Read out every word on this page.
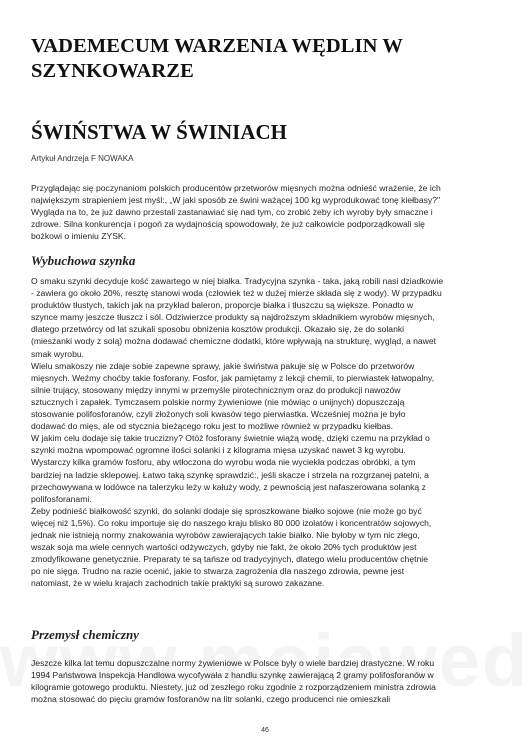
VADEMECUM WARZENIA WĘDLIN W
SZYNKOWARZE
ŚWIŃSTWA W ŚWINIACH
Artykuł Andrzeja F NOWAKA
Przyglądając się poczynaniom polskich producentów przetworów mięsnych można odnieść wrażenie, że ich
największym strapieniem jest myśl:, „W jaki sposób ze świni ważącej 100 kg wyprodukować tonę kiełbasy?"
Wygląda na to, że już dawno przestali zastanawiać się nad tym, co zrobić żeby ich wyroby były smaczne i
zdrowe. Silna konkurencja i pogoń za wydajnością spowodowały, że już całkowicie podporządkowali się
bożkowi o imieniu ZYSK.
Wybuchowa szynka
O smaku szynki decyduje kość zawartego w niej białka. Tradycyjna szynka - taka, jaką robili nasi dziadkowie
- zawiera go około 20%, resztę stanowi woda (człowiek też w dużej mierze składa się z wody). W przypadku
produktów tłustych, takich jak na przykład baleron, proporcje białka i tłuszczu są większe. Ponadto w
szynce mamy jeszcze tłuszcz i sól. Odziwierzce produkty są najdroższym składnikiem wyrobów mięsnych,
dlatego przetwórcy od lat szukali sposobu obniżenia kosztów produkcji. Okazało się, że do solanki
(mieszanki wody z solą) można dodawać chemiczne dodatki, które wpływają na strukturę, wygląd, a nawet
smak wyrobu.
Wielu smakoszy nie zdaje sobie zapewne sprawy, jakie świństwa pakuje się w Polsce do przetworów
mięsnych. Weźmy choćby takie fosforany. Fosfor, jak pamiętamy z lekcji chemii, to pierwiastek łatwopalny,
silnie trujący, stosowany między innymi w przemyśle pirotechnicznym oraz do produkcji nawozów
sztucznych i zapałek. Tymczasem polskie normy żywieniowe (nie mówiąc o unijnych) dopuszczają
stosowanie polifosforanów, czyli złożonych soli kwasów tego pierwiastka. Wcześniej można je było
dodawać do mięs, ale od stycznia bieżącego roku jest to możliwe również w przypadku kiełbas.
W jakim celu dodaje się takie truczizny? Otóż fosforany świetnie wiążą wodę, dzięki czemu na przykład o
szynki można wpompować ogromne ilości solanki i z kilograma mięsa uzyskać nawet 3 kg wyrobu.
Wystarczy kilka gramów fosforu, aby wtłoczona do wyrobu woda nie wyciekła podczas obróbki, a tym
bardziej na ladzie sklepowej. Łatwo taką szynkę sprawdzić:, jeśli skacze i strzela na rozgrzanej patelni, a
przechowywana w lodówce na talerzyku leży w kałuży wody, z pewnością jest nafaszerowana solanką z
polifosforanami.
Żeby podnieść białkowość szynki, do solanki dodaje się sproszkowane białko sojowe (nie może go być
więcej niż 1,5%). Co roku importuje się do naszego kraju blisko 80 000 izolatów i koncentratów sojowych,
jednak nie istnieją normy znakowania wyrobów zawierających takie białko. Nie byłoby w tym nic złego,
wszak soja ma wiele cennych wartości odżywczych, gdyby nie fakt, że około 20% tych produktów jest
zmodyfikowane genetycznie. Preparaty te są tańsze od tradycyjnych, dlatego wielu producentów chętnie
po nie sięga. Trudno na razie ocenić, jakie to stwarza zagrożenia dla naszego zdrowia, pewne jest
natomiast, że w wielu krajach zachodnich takie praktyki są surowo zakazane.
Przemysł chemiczny
Jeszcze kilka lat temu dopuszczalne normy żywieniowe w Polsce były o wiele bardziej drastyczne. W roku
1994 Państwowa Inspekcja Handlowa wycofywała z handlu szynkę zawierającą 2 gramy polifosforanów w
kilogramie gotowego produktu. Niestety, już od zeszłego roku zgodnie z rozporządzeniem ministra zdrowia
można stosować do pięciu gramów fosforanów na litr solanki, czego producenci nie omieszkali
46
